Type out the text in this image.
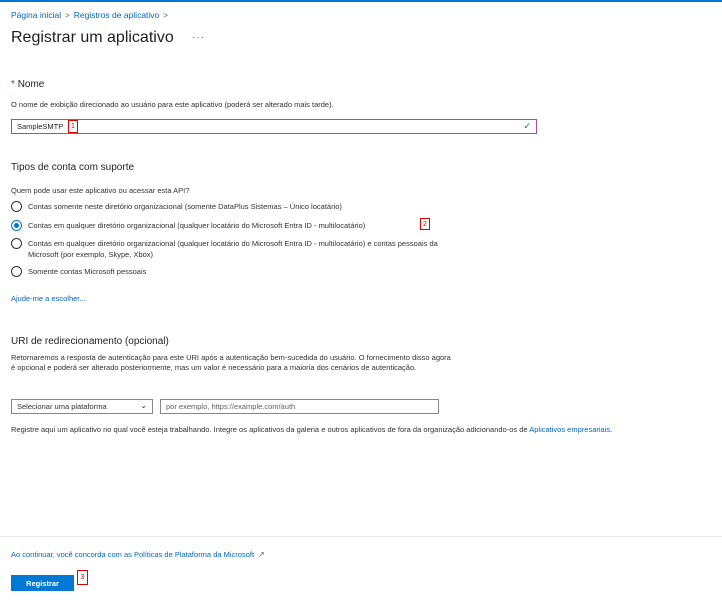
Página inicial > Registros de aplicativo >
Registrar um aplicativo ···
* Nome
O nome de exibição direcionado ao usuário para este aplicativo (poderá ser alterado mais tarde).
SampleSMTP	✓
1
Tipos de conta com suporte
Quem pode usar este aplicativo ou acessar esta API?
Contas somente neste diretório organizacional (somente DataPlus Sistemas – Único locatário)
Contas em qualquer diretório organizacional (qualquer locatário do Microsoft Entra ID - multilocatário)	2
Contas em qualquer diretório organizacional (qualquer locatário do Microsoft Entra ID - multilocatário) e contas pessoais da Microsoft (por exemplo, Skype, Xbox)
Somente contas Microsoft pessoais
Ajude-me a escolher...
URI de redirecionamento (opcional)
Retornaremos a resposta de autenticação para este URI após a autenticação bem-sucedida do usuário. O fornecimento disso agora é opcional e poderá ser alterado posteriormente, mas um valor é necessário para a maioria dos cenários de autenticação.
Selecionar uma plataforma	⌄	por exemplo, https://example.com/auth
Registre aqui um aplicativo no qual você esteja trabalhando. Integre os aplicativos da galeria e outros aplicativos de fora da organização adicionando-os de Aplicativos empresariais.
Ao continuar, você concorda com as Políticas de Plataforma da Microsoft ↗
Registrar
3
